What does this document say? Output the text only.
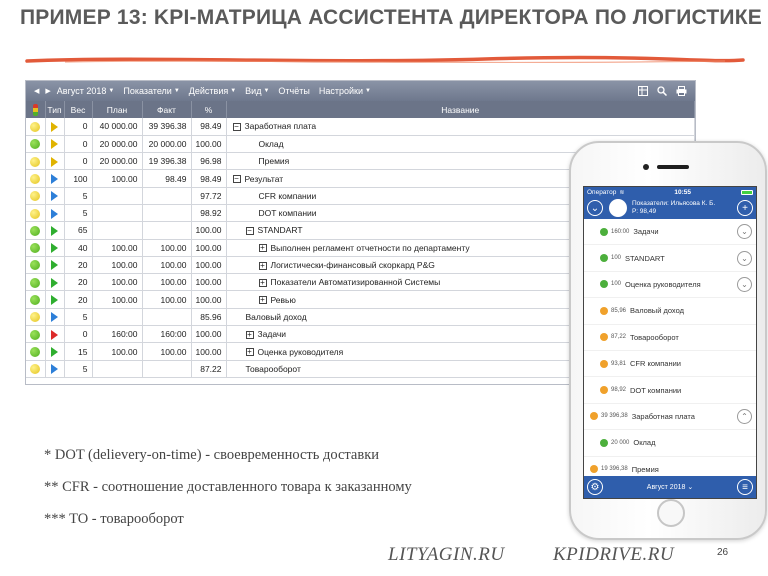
ПРИМЕР 13: KPI-МАТРИЦА АССИСТЕНТА ДИРЕКТОРА ПО ЛОГИСТИКЕ
◀ ▶ Август 2018 ▼ Показатели ▼ Действия ▼ Вид ▼ Отчёты Настройки ▼
	Тип	Вес	План	Факт	%	Название
		0	40 000.00	39 396.38	98.49	− Заработная плата
		0	20 000.00	20 000.00	100.00	Оклад
		0	20 000.00	19 396.38	96.98	Премия
		100	100.00	98.49	98.49	− Результат
		5			97.72	CFR компании
		5			98.92	DOT компании
		65			100.00	− STANDART
		40	100.00	100.00	100.00	+ Выполнен регламент отчетности по департаменту
		20	100.00	100.00	100.00	+ Логистически-финансовый скоркард P&G
		20	100.00	100.00	100.00	+ Показатели Автоматизированной Системы
		20	100.00	100.00	100.00	+ Ревью
		5			85.96	Валовый доход
		0	160:00	160:00	100.00	+ Задачи
		15	100.00	100.00	100.00	+ Оценка руководителя
		5			87.22	Товарооборот
* DOT (delievery-on-time) - своевременность доставки
** CFR - соотношение доставленного товара к заказанному
*** TO - товарооборот
LITYAGIN.RU	KPIDRIVE.RU	26
Оператор ≋	10:55
⌄	Показатели: Ильясова К. Б.
Р: 98,49	+
160:00 Задачи	⌄
100 STANDART	⌄
100 Оценка руководителя	⌄
85,96 Валовый доход
87,22 Товарооборот
93,81 CFR компании
98,92 DOT компании
39 396,38 Заработная плата	⌃
20 000 Оклад
19 396,38 Премия
⚙	Август 2018 ⌄	≡
